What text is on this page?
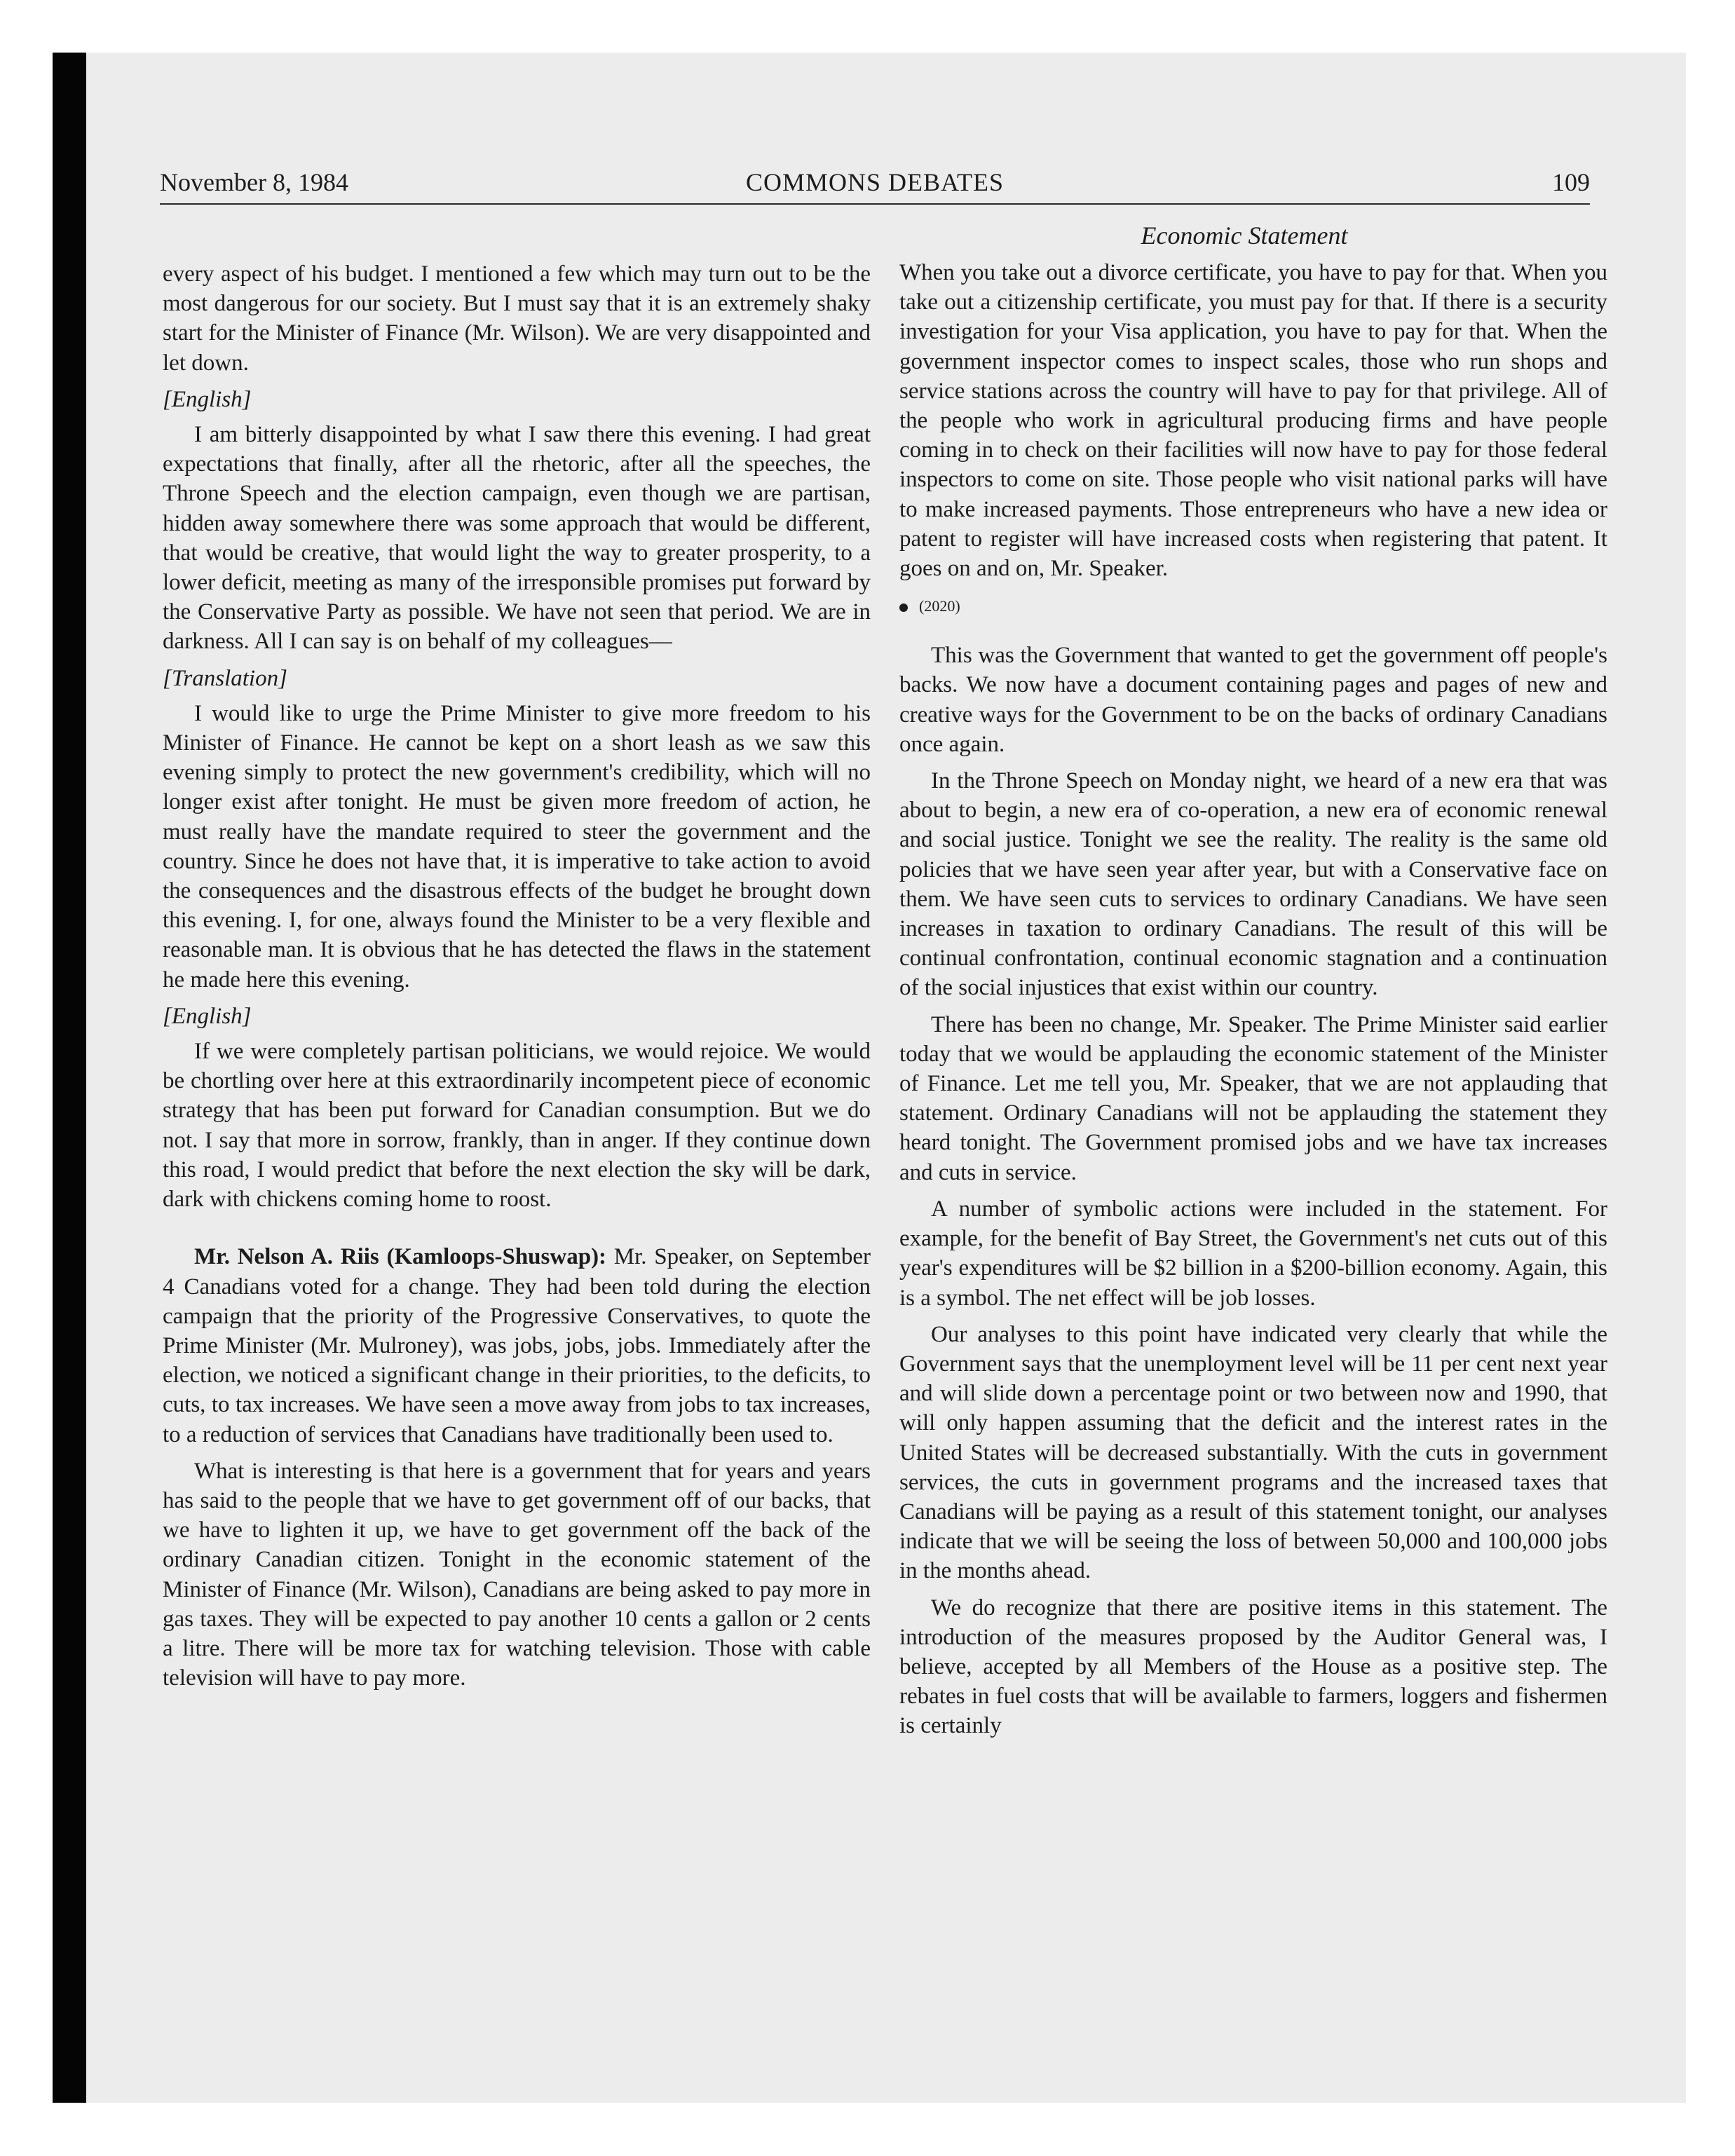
November 8, 1984	COMMONS DEBATES	109
Economic Statement

every aspect of his budget. I mentioned a few which may turn out to be the most dangerous for our society. But I must say that it is an extremely shaky start for the Minister of Finance (Mr. Wilson). We are very disappointed and let down.

[English]

I am bitterly disappointed by what I saw there this evening. I had great expectations that finally, after all the rhetoric, after all the speeches, the Throne Speech and the election campaign, even though we are partisan, hidden away somewhere there was some approach that would be different, that would be creative, that would light the way to greater prosperity, to a lower deficit, meeting as many of the irresponsible promises put forward by the Conservative Party as possible. We have not seen that period. We are in darkness. All I can say is on behalf of my colleagues—

[Translation]

I would like to urge the Prime Minister to give more freedom to his Minister of Finance. He cannot be kept on a short leash as we saw this evening simply to protect the new government's credibility, which will no longer exist after tonight. He must be given more freedom of action, he must really have the mandate required to steer the government and the country. Since he does not have that, it is imperative to take action to avoid the consequences and the disastrous effects of the budget he brought down this evening. I, for one, always found the Minister to be a very flexible and reasonable man. It is obvious that he has detected the flaws in the statement he made here this evening.

[English]

If we were completely partisan politicians, we would rejoice. We would be chortling over here at this extraordinarily incompetent piece of economic strategy that has been put forward for Canadian consumption. But we do not. I say that more in sorrow, frankly, than in anger. If they continue down this road, I would predict that before the next election the sky will be dark, dark with chickens coming home to roost.

Mr. Nelson A. Riis (Kamloops-Shuswap): Mr. Speaker, on September 4 Canadians voted for a change. They had been told during the election campaign that the priority of the Progressive Conservatives, to quote the Prime Minister (Mr. Mulroney), was jobs, jobs, jobs. Immediately after the election, we noticed a significant change in their priorities, to the deficits, to cuts, to tax increases. We have seen a move away from jobs to tax increases, to a reduction of services that Canadians have traditionally been used to.

What is interesting is that here is a government that for years and years has said to the people that we have to get government off of our backs, that we have to lighten it up, we have to get government off the back of the ordinary Canadian citizen. Tonight in the economic statement of the Minister of Finance (Mr. Wilson), Canadians are being asked to pay more in gas taxes. They will be expected to pay another 10 cents a gallon or 2 cents a litre. There will be more tax for watching television. Those with cable television will have to pay more.

When you take out a divorce certificate, you have to pay for that. When you take out a citizenship certificate, you must pay for that. If there is a security investigation for your Visa application, you have to pay for that. When the government inspector comes to inspect scales, those who run shops and service stations across the country will have to pay for that privilege. All of the people who work in agricultural producing firms and have people coming in to check on their facilities will now have to pay for those federal inspectors to come on site. Those people who visit national parks will have to make increased payments. Those entrepreneurs who have a new idea or patent to register will have increased costs when registering that patent. It goes on and on, Mr. Speaker.

(2020)

This was the Government that wanted to get the government off people's backs. We now have a document containing pages and pages of new and creative ways for the Government to be on the backs of ordinary Canadians once again.

In the Throne Speech on Monday night, we heard of a new era that was about to begin, a new era of co-operation, a new era of economic renewal and social justice. Tonight we see the reality. The reality is the same old policies that we have seen year after year, but with a Conservative face on them. We have seen cuts to services to ordinary Canadians. We have seen increases in taxation to ordinary Canadians. The result of this will be continual confrontation, continual economic stagnation and a continuation of the social injustices that exist within our country.

There has been no change, Mr. Speaker. The Prime Minister said earlier today that we would be applauding the economic statement of the Minister of Finance. Let me tell you, Mr. Speaker, that we are not applauding that statement. Ordinary Canadians will not be applauding the statement they heard tonight. The Government promised jobs and we have tax increases and cuts in service.

A number of symbolic actions were included in the statement. For example, for the benefit of Bay Street, the Government's net cuts out of this year's expenditures will be $2 billion in a $200-billion economy. Again, this is a symbol. The net effect will be job losses.

Our analyses to this point have indicated very clearly that while the Government says that the unemployment level will be 11 per cent next year and will slide down a percentage point or two between now and 1990, that will only happen assuming that the deficit and the interest rates in the United States will be decreased substantially. With the cuts in government services, the cuts in government programs and the increased taxes that Canadians will be paying as a result of this statement tonight, our analyses indicate that we will be seeing the loss of between 50,000 and 100,000 jobs in the months ahead.

We do recognize that there are positive items in this statement. The introduction of the measures proposed by the Auditor General was, I believe, accepted by all Members of the House as a positive step. The rebates in fuel costs that will be available to farmers, loggers and fishermen is certainly
